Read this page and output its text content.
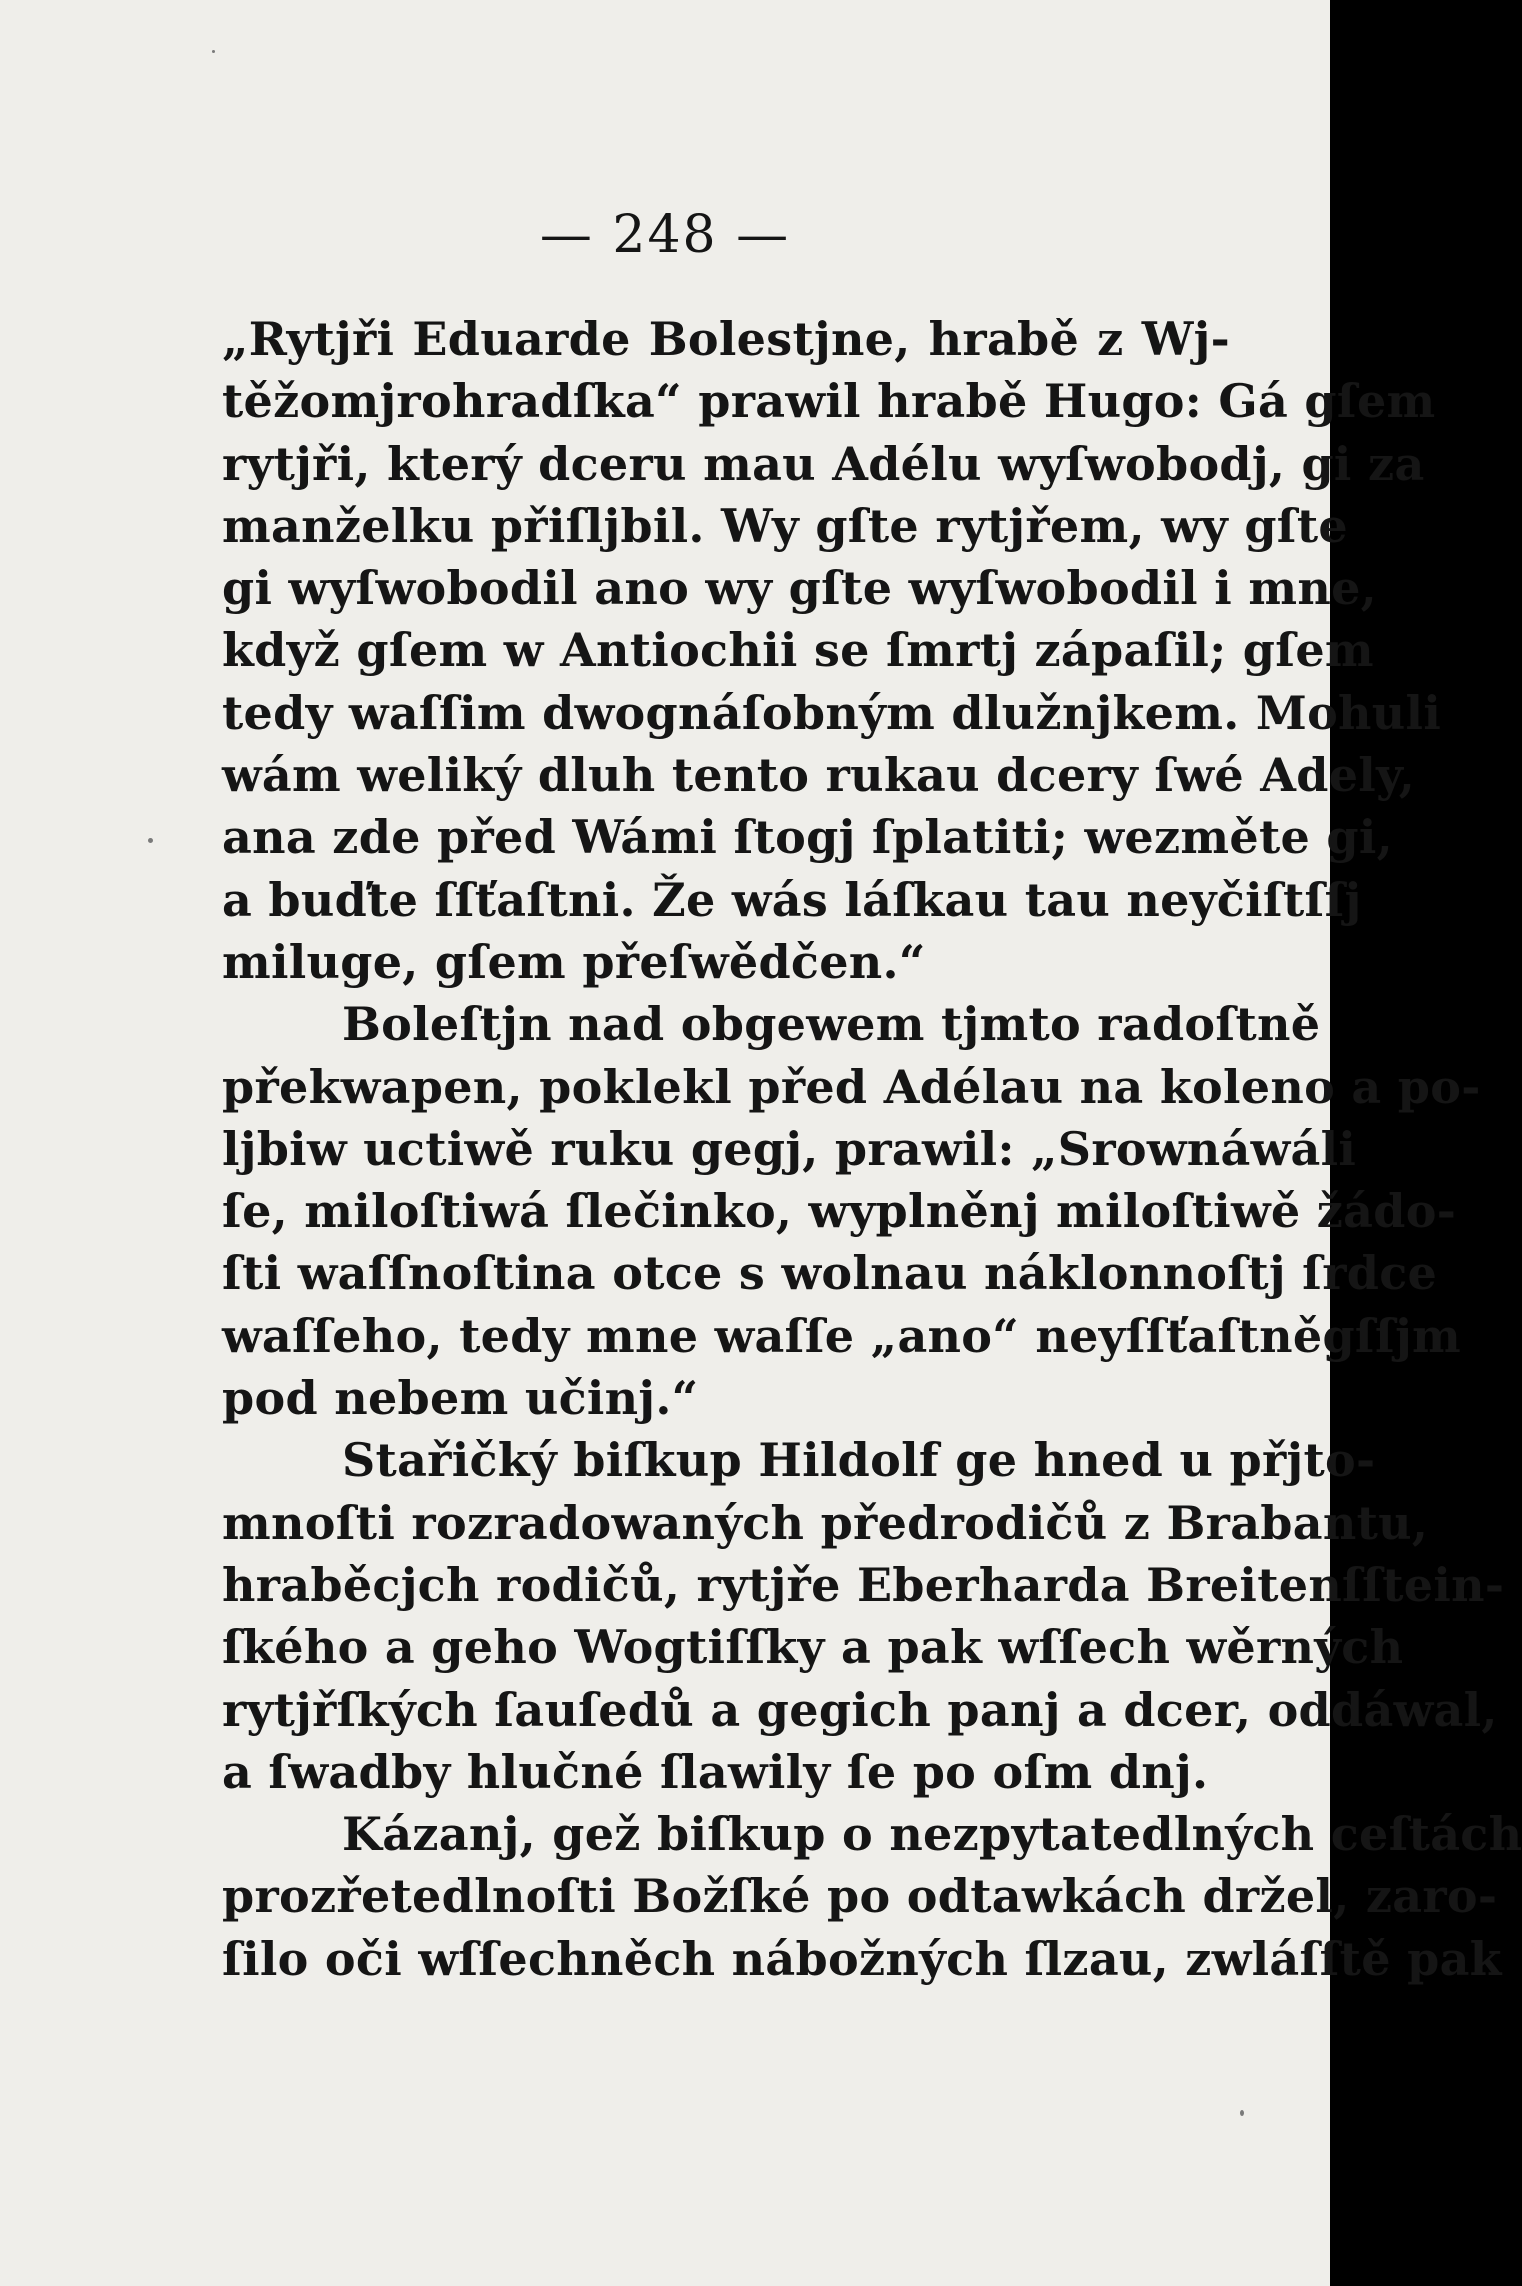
— 248 —
„Rytjři Eduarde Bolestjne, hrabě z Wj-
těžomjrohradſka“ prawil hrabě Hugo: Gá gſem
rytjři, který dceru mau Adélu wyſwobodj, gi za
manželku přiſljbil. Wy gſte rytjřem, wy gſte
gi wyſwobodil ano wy gſte wyſwobodil i mne,
když gſem w Antiochii se ſmrtj zápaſil; gſem
tedy waſſim dwognáſobným dlužnjkem. Mohuli
wám weliký dluh tento rukau dcery ſwé Adely,
ana zde před Wámi ſtogj ſplatiti; wezměte gi,
a buďte ſſťaſtni. Že wás láſkau tau neyčiſtſſj
miluge, gſem přeſwědčen.“
Boleſtjn nad obgewem tjmto radoſtně
překwapen, poklekl před Adélau na koleno a po-
ljbiw uctiwě ruku gegj, prawil: „Srownáwáli
ſe, miloſtiwá ſlečinko, wyplněnj miloſtiwě žádo-
ſti waſſnoſtina otce s wolnau náklonnoſtj ſrdce
waſſeho, tedy mne waſſe „ano“ neyſſťaſtněgſſjm
pod nebem učinj.“
Stařičký biſkup Hildolf ge hned u přjto-
mnoſti rozradowaných předrodičů z Brabantu,
hraběcjch rodičů, rytjře Eberharda Breitenſſtein-
ſkého a geho Wogtiſſky a pak wſſech wěrných
rytjřſkých ſauſedů a gegich panj a dcer, oddáwal,
a ſwadby hlučné ſlawily ſe po oſm dnj.
Kázanj, gež biſkup o nezpytatedlných ceſtách
prozřetedlnoſti Božſké po odtawkách držel, zaro-
ſilo oči wſſechněch nábožných ſlzau, zwláſſtě pak
